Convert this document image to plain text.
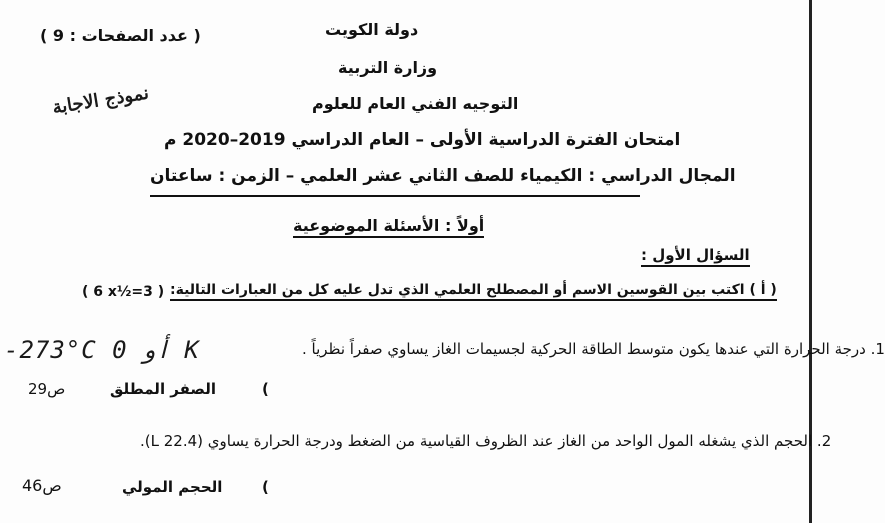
( عدد الصفحات : 9 )	دولة الكويت
وزارة التربية
التوجيه الفني العام للعلوم
نموذج الاجابة
امتحان الفترة الدراسية الأولى – العام الدراسي 2019–2020 م
المجال الدراسي : الكيمياء للصف الثاني عشر العلمي – الزمن : ساعتان
أولاً : الأسئلة الموضوعية
السؤال الأول :
( أ ) اكتب بين القوسين الاسم أو المصطلح العلمي الذي تدل عليه كل من العبارات التالية:
( 6 x½=3 )
1. درجة الحرارة التي عندها يكون متوسط الطاقة الحركية لجسيمات الغاز يساوي صفراً نظرياً .
-273°C أو 0 K
(
الصفر المطلق
ص29
2. الحجم الذي يشغله المول الواحد من الغاز عند الظروف القياسية من الضغط ودرجة الحرارة يساوي (22.4 L).
(
الحجم المولي
ص46
